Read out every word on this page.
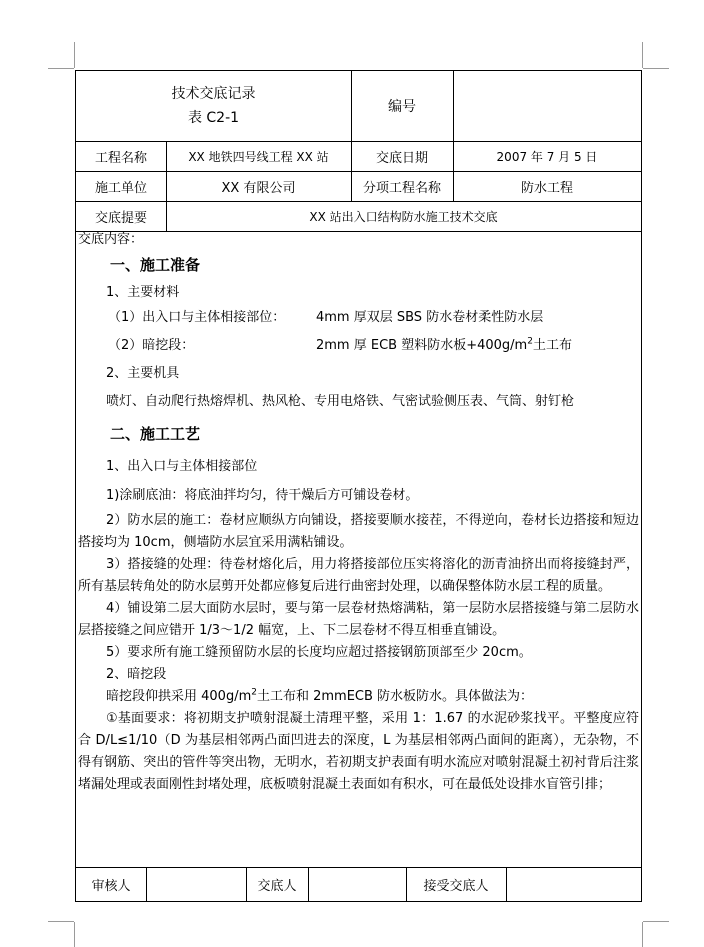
技术交底记录
表 C2-1
编号
工程名称	XX 地铁四号线工程 XX 站	交底日期	2007 年 7 月 5 日
施工单位	XX 有限公司	分项工程名称	防水工程
交底提要	XX 站出入口结构防水施工技术交底
交底内容：
一、施工准备
1、主要材料
（1）出入口与主体相接部位：	4mm 厚双层 SBS 防水卷材柔性防水层
（2）暗挖段：	2mm 厚 ECB 塑料防水板$+400g/m^2$土工布
2、主要机具
喷灯、自动爬行热熔焊机、热风枪、专用电烙铁、气密试验侧压表、气筒、射钉枪
二、施工工艺
1、出入口与主体相接部位
1)涂刷底油：将底油拌均匀，待干燥后方可铺设卷材。
2）防水层的施工：卷材应顺纵方向铺设，搭接要顺水接茬，不得逆向，卷材长边搭接和短边搭接均为 10cm，侧墙防水层宜采用满粘铺设。
3）搭接缝的处理：待卷材熔化后，用力将搭接部位压实将溶化的沥青油挤出而将接缝封严，所有基层转角处的防水层剪开处都应修复后进行曲密封处理，以确保整体防水层工程的质量。
4）铺设第二层大面防水层时，要与第一层卷材热熔满粘，第一层防水层搭接缝与第二层防水层搭接缝之间应错开 1/3～1/2 幅宽，上、下二层卷材不得互相垂直铺设。
5）要求所有施工缝预留防水层的长度均应超过搭接钢筋顶部至少 20cm。
2、暗挖段
暗挖段仰拱采用 $400g/m^2$土工布和 2mmECB 防水板防水。具体做法为：
①基面要求：将初期支护喷射混凝土清理平整，采用 1：1.67 的水泥砂浆找平。平整度应符合 D/L≤1/10（D 为基层相邻两凸面凹进去的深度，L 为基层相邻两凸面间的距离），无杂物，不得有钢筋、突出的管件等突出物，无明水，若初期支护表面有明水流应对喷射混凝土初衬背后注浆堵漏处理或表面刚性封堵处理，底板喷射混凝土表面如有积水，可在最低处设排水盲管引排；
审核人	交底人	接受交底人
